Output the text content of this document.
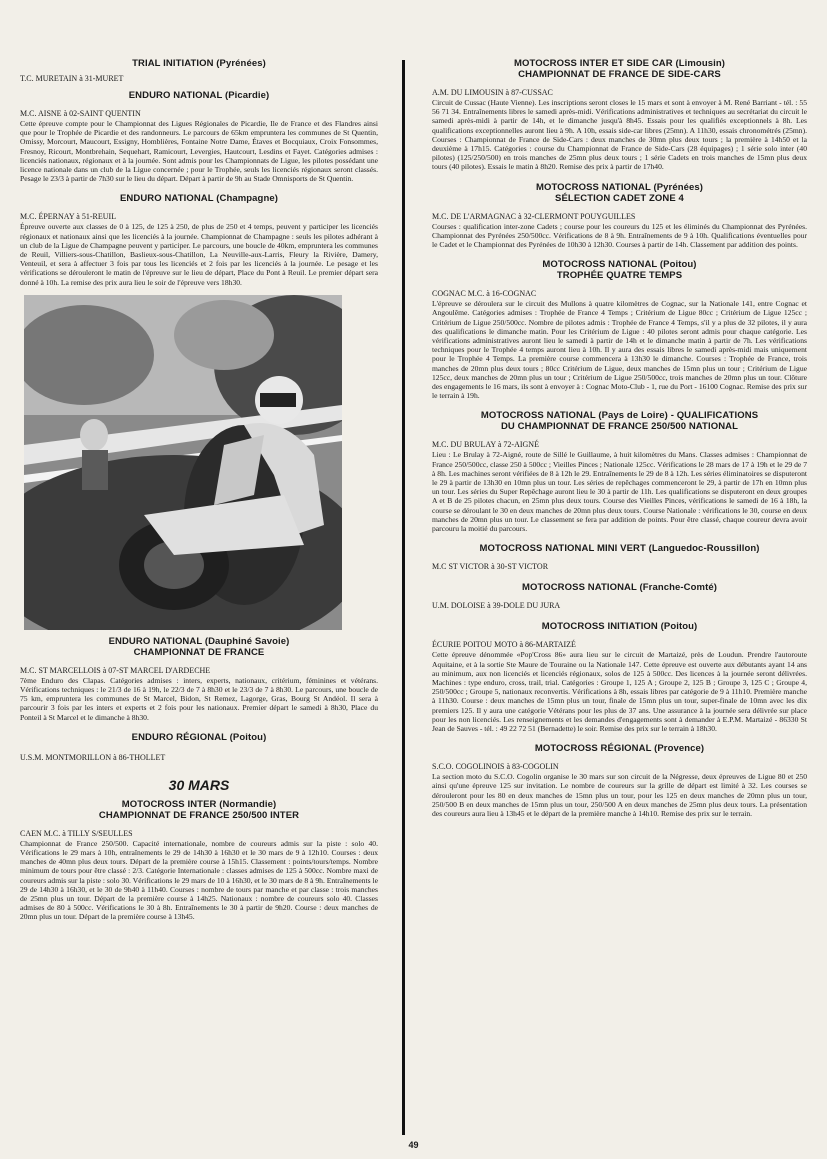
TRIAL INITIATION (Pyrénées)

T.C. MURETAIN à 31-MURET

ENDURO NATIONAL (Picardie)

M.C. AISNE à 02-SAINT QUENTIN

Cette épreuve compte pour le Championnat des Ligues Régionales de Picardie, Ile de France et des Flandres ainsi que pour le Trophée de Picardie et des randonneurs. Le parcours de 65km empruntera les communes de St Quentin, Omissy, Morcourt, Maucourt, Essigny, Homblières, Fontaine Notre Dame, Étaves et Bocquiaux, Croix Fonsommes, Fresnoy, Ricourt, Montbrehain, Sequehart, Ramicourt, Levergies, Hautcourt, Lesdins et Fayet. Catégories admises : licenciés nationaux, régionaux et à la journée. Sont admis pour les Championnats de Ligue, les pilotes possédant une licence nationale dans un club de la Ligue concernée ; pour le Trophée, seuls les licenciés régionaux seront classés. Pesage le 23/3 à partir de 7h30 sur le lieu du départ. Départ à partir de 9h au Stade Omnisports de St Quentin.

ENDURO NATIONAL (Champagne)

M.C. ÉPERNAY à 51-REUIL

Épreuve ouverte aux classes de 0 à 125, de 125 à 250, de plus de 250 et 4 temps, peuvent y participer les licenciés régionaux et nationaux ainsi que les licenciés à la journée. Championnat de Champagne : seuls les pilotes adhérant à un club de la Ligue de Champagne peuvent y participer. Le parcours, une boucle de 40km, empruntera les communes de Reuil, Villiers-sous-Chatillon, Baslieux-sous-Chatillon, La Neuville-aux-Larris, Fleury la Rivière, Damery, Venteuil, et sera à affectuer 3 fois par tous les licenciés et 2 fois par les licenciés à la journée. Le pesage et les vérifications se dérouleront le matin de l'épreuve sur le lieu de départ, Place du Pont à Reuil. Le premier départ sera donné à 10h. La remise des prix aura lieu le soir de l'épreuve vers 18h30.

ENDURO NATIONAL (Dauphiné Savoie)
CHAMPIONNAT DE FRANCE

M.C. ST MARCELLOIS à 07-ST MARCEL D'ARDECHE

7ème Enduro des Clapas. Catégories admises : inters, experts, nationaux, critérium, féminines et vétérans. Vérifications techniques : le 21/3 de 16 à 19h, le 22/3 de 7 à 8h30 et le 23/3 de 7 à 8h30. Le parcours, une boucle de 75 km, empruntera les communes de St Marcel, Bidon, St Remez, Lagorge, Gras, Bourg St Andéol. Il sera à parcourir 3 fois par les inters et experts et 2 fois pour les nationaux. Premier départ le samedi à 8h30, Place du Ponteil à St Marcel et le dimanche à 8h30.

ENDURO RÉGIONAL (Poitou)

U.S.M. MONTMORILLON à 86-THOLLET

30 MARS
MOTOCROSS INTER (Normandie)
CHAMPIONNAT DE FRANCE 250/500 INTER

CAEN M.C. à TILLY S/SEULLES

Championnat de France 250/500. Capacité internationale, nombre de coureurs admis sur la piste : solo 40. Vérifications le 29 mars à 10h, entraînements le 29 de 14h30 à 16h30 et le 30 mars de 9 à 12h10. Courses : deux manches de 40mn plus deux tours. Départ de la première course à 15h15. Classement : points/tours/temps. Nombre minimum de tours pour être classé : 2/3. Catégorie Internationale : classes admises de 125 à 500cc. Nombre maxi de coureurs admis sur la piste : solo 30. Vérifications le 29 mars de 10 à 16h30, et le 30 mars de 8 à 9h. Entraînements le 29 de 14h30 à 16h30, et le 30 de 9h40 à 11h40. Courses : nombre de tours par manche et par classe : trois manches de 25mn plus un tour. Départ de la première course à 14h25. Nationaux : nombre de coureurs solo 40. Classes admises de 80 à 500cc. Vérifications le 30 à 8h. Entraînements le 30 à partir de 9h20. Course : deux manches de 20mn plus un tour. Départ de la première course à 13h45.

MOTOCROSS INTER ET SIDE CAR (Limousin)
CHAMPIONNAT DE FRANCE DE SIDE-CARS

A.M. DU LIMOUSIN à 87-CUSSAC

Circuit de Cussac (Haute Vienne). Les inscriptions seront closes le 15 mars et sont à envoyer à M. René Barriant - tél. : 55 56 71 34. Entraînements libres le samedi après-midi. Vérifications administratives et techniques au secrétariat du circuit le samedi après-midi à partir de 14h, et le dimanche jusqu'à 8h45. Essais pour les qualifiés exceptionnels à 8h. Les qualifications exceptionnelles auront lieu à 9h. A 10h, essais side-car libres (25mn). A 11h30, essais chronométrés (25mn). Courses : Championnat de France de Side-Cars : deux manches de 30mn plus deux tours ; la première à 14h50 et la deuxième à 17h15. Catégories : course du Championnat de France de Side-Cars (28 équipages) ; 1 série solo inter (40 pilotes) (125/250/500) en trois manches de 25mn plus deux tours ; 1 série Cadets en trois manches de 15mn plus deux tours (40 pilotes). Essais le matin à 8h20. Remise des prix à partir de 17h40.

MOTOCROSS NATIONAL (Pyrénées)
SÉLECTION CADET ZONE 4

M.C. DE L'ARMAGNAC à 32-CLERMONT POUYGUILLES

Courses : qualification inter-zone Cadets ; course pour les coureurs du 125 et les éliminés du Championnat des Pyrénées. Championnat des Pyrénées 250/500cc. Vérifications de 8 à 9h. Entraînements de 9 à 10h. Qualifications éventuelles pour le Cadet et le Championnat des Pyrénées de 10h30 à 12h30. Courses à partir de 14h. Classement par addition des points.

MOTOCROSS NATIONAL (Poitou)
TROPHÉE QUATRE TEMPS

COGNAC M.C. à 16-COGNAC

L'épreuve se déroulera sur le circuit des Mullons à quatre kilomètres de Cognac, sur la Nationale 141, entre Cognac et Angoulême. Catégories admises : Trophée de France 4 Temps ; Critérium de Ligue 80cc ; Critérium de Ligue 125cc ; Critérium de Ligue 250/500cc. Nombre de pilotes admis : Trophée de France 4 Temps, s'il y a plus de 32 pilotes, il y aura des qualifications le dimanche matin. Pour les Critérium de Ligue : 40 pilotes seront admis pour chaque catégorie. Les vérifications administratives auront lieu le samedi à partir de 14h et le dimanche matin à partir de 7h. Les vérifications techniques pour le Trophée 4 temps auront lieu à 10h. Il y aura des essais libres le samedi après-midi mais uniquement pour le Trophée 4 Temps. La première course commencera à 13h30 le dimanche. Courses : Trophée de France, trois manches de 20mn plus deux tours ; 80cc Critérium de Ligue, deux manches de 15mn plus un tour ; Critérium de Ligue 125cc, deux manches de 20mn plus un tour ; Critérium de Ligue 250/500cc, trois manches de 20mn plus un tour. Clôture des engagements le 16 mars, ils sont à envoyer à : Cognac Moto-Club - 1, rue du Port - 16100 Cognac. Remise des prix sur le terrain à 19h.

MOTOCROSS NATIONAL (Pays de Loire) - QUALIFICATIONS
DU CHAMPIONNAT DE FRANCE 250/500 NATIONAL

M.C. DU BRULAY à 72-AIGNÉ

Lieu : Le Brulay à 72-Aigné, route de Sillé le Guillaume, à huit kilomètres du Mans. Classes admises : Championnat de France 250/500cc, classe 250 à 500cc ; Vieilles Pinces ; Nationale 125cc. Vérifications le 28 mars de 17 à 19h et le 29 de 7 à 8h. Les machines seront vérifiées de 8 à 12h le 29. Entraînements le 29 de 8 à 12h. Les séries éliminatoires se disputeront le 29 à partir de 13h30 en 10mn plus un tour. Les séries de repêchages commenceront le 29, à partir de 17h en 10mn plus un tour. Les séries du Super Repêchage auront lieu le 30 à partir de 11h. Les qualifications se disputeront en deux groupes A et B de 25 pilotes chacun, en 25mn plus deux tours. Course des Vieilles Pinces, vérifications le samedi de 16 à 18h, la course se déroulant le 30 en deux manches de 20mn plus deux tours. Course Nationale : vérifications le 30, course en deux manches de 20mn plus un tour. Le classement se fera par addition de points. Pour être classé, chaque coureur devra avoir parcouru la moitié du parcours.

MOTOCROSS NATIONAL MINI VERT (Languedoc-Roussillon)

M.C ST VICTOR à 30-ST VICTOR

MOTOCROSS NATIONAL (Franche-Comté)

U.M. DOLOISE à 39-DOLE DU JURA

MOTOCROSS INITIATION (Poitou)

ÉCURIE POITOU MOTO à 86-MARTAIZÉ

Cette épreuve dénommée «Pop'Cross 86» aura lieu sur le circuit de Martaizé, près de Loudun. Prendre l'autoroute Aquitaine, et à la sortie Ste Maure de Touraine ou la Nationale 147. Cette épreuve est ouverte aux débutants ayant 14 ans au minimum, aux non licenciés et licenciés régionaux, solos de 125 à 500cc. Des licences à la journée seront délivrées. Machines : type enduro, cross, trail, trial. Catégories : Groupe 1, 125 A ; Groupe 2, 125 B ; Groupe 3, 125 C ; Groupe 4, 250/500cc ; Groupe 5, nationaux reconvertis. Vérifications à 8h, essais libres par catégorie de 9 à 11h10. Première manche à 11h30. Course : deux manches de 15mn plus un tour, finale de 15mn plus un tour, super-finale de 10mn avec les dix premiers 125. Il y aura une catégorie Vétérans pour les plus de 37 ans. Une assurance à la journée sera délivrée sur place pour les non licenciés. Les renseignements et les demandes d'engagements sont à demander à E.P.M. Martaizé - 86330 St Jean de Sauves - tél. : 49 22 72 51 (Bernadette) le soir. Remise des prix sur le terrain à 18h30.

MOTOCROSS RÉGIONAL (Provence)

S.C.O. COGOLINOIS à 83-COGOLIN

La section moto du S.C.O. Cogolin organise le 30 mars sur son circuit de la Négresse, deux épreuves de Ligue 80 et 250 ainsi qu'une épreuve 125 sur invitation. Le nombre de coureurs sur la grille de départ est limité à 32. Les courses se dérouleront pour les 80 en deux manches de 15mn plus un tour, pour les 125 en deux manches de 20mn plus un tour, 250/500 B en deux manches de 15mn plus un tour, 250/500 A en deux manches de 25mn plus deux tours. La présentation des coureurs aura lieu à 13h45 et le départ de la première manche à 14h10. Remise des prix sur le terrain.

49
